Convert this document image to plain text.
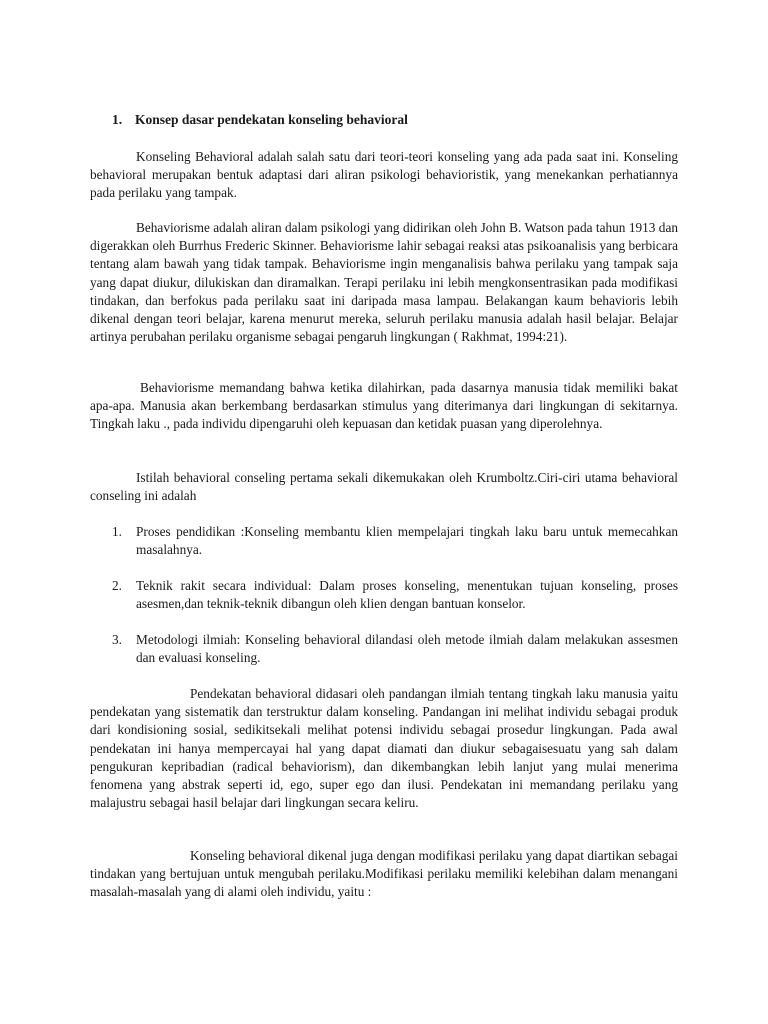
1. Konsep dasar pendekatan konseling behavioral

Konseling Behavioral adalah salah satu dari teori-teori konseling yang ada pada saat ini. Konseling behavioral merupakan bentuk adaptasi dari aliran psikologi behavioristik, yang menekankan perhatiannya pada perilaku yang tampak.

Behaviorisme adalah aliran dalam psikologi yang didirikan oleh John B. Watson pada tahun 1913 dan digerakkan oleh Burrhus Frederic Skinner. Behaviorisme lahir sebagai reaksi atas psikoanalisis yang berbicara tentang alam bawah yang tidak tampak. Behaviorisme ingin menganalisis bahwa perilaku yang tampak saja yang dapat diukur, dilukiskan dan diramalkan. Terapi perilaku ini lebih mengkonsentrasikan pada modifikasi tindakan, dan berfokus pada perilaku saat ini daripada masa lampau. Belakangan kaum behavioris lebih dikenal dengan teori belajar, karena menurut mereka, seluruh perilaku manusia adalah hasil belajar. Belajar artinya perubahan perilaku organisme sebagai pengaruh lingkungan ( Rakhmat, 1994:21).

Behaviorisme memandang bahwa ketika dilahirkan, pada dasarnya manusia tidak memiliki bakat apa-apa. Manusia akan berkembang berdasarkan stimulus yang diterimanya dari lingkungan di sekitarnya. Tingkah laku ., pada individu dipengaruhi oleh kepuasan dan ketidak puasan yang diperolehnya.

Istilah behavioral conseling pertama sekali dikemukakan oleh Krumboltz.Ciri-ciri utama behavioral conseling ini adalah

1.	Proses pendidikan :Konseling membantu klien mempelajari tingkah laku baru untuk memecahkan masalahnya.
2.	Teknik rakit secara individual: Dalam proses konseling, menentukan tujuan konseling, proses asesmen,dan teknik-teknik dibangun oleh klien dengan bantuan konselor.
3.	Metodologi ilmiah: Konseling behavioral dilandasi oleh metode ilmiah dalam melakukan assesmen dan evaluasi konseling.

Pendekatan behavioral didasari oleh pandangan ilmiah tentang tingkah laku manusia yaitu pendekatan yang sistematik dan terstruktur dalam konseling. Pandangan ini melihat individu sebagai produk dari kondisioning sosial, sedikitsekali melihat potensi individu sebagai prosedur lingkungan. Pada awal pendekatan ini hanya mempercayai hal yang dapat diamati dan diukur sebagaisesuatu yang sah dalam pengukuran kepribadian (radical behaviorism), dan dikembangkan lebih lanjut yang mulai menerima fenomena yang abstrak seperti id, ego, super ego dan ilusi. Pendekatan ini memandang perilaku yang malajustru sebagai hasil belajar dari lingkungan secara keliru.

Konseling behavioral dikenal juga dengan modifikasi perilaku yang dapat diartikan sebagai tindakan yang bertujuan untuk mengubah perilaku.Modifikasi perilaku memiliki kelebihan dalam menangani masalah-masalah yang di alami oleh individu, yaitu :
